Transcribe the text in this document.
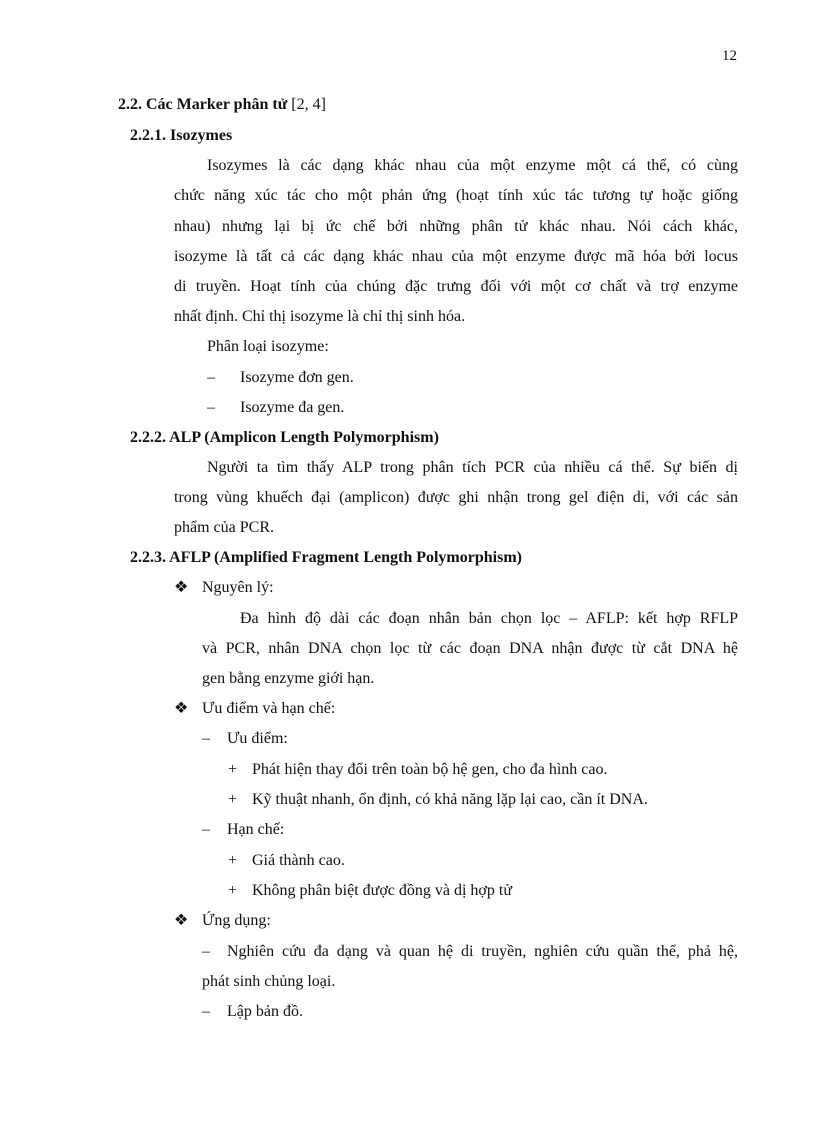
12
2.2. Các Marker phân tử [2, 4]
2.2.1. Isozymes
Isozymes là các dạng khác nhau của một enzyme một cá thể, có cùng
chức năng xúc tác cho một phản ứng (hoạt tính xúc tác tương tự hoặc giống
nhau) nhưng lại bị ức chế bởi những phân tử khác nhau. Nói cách khác,
isozyme là tất cả các dạng khác nhau của một enzyme được mã hóa bởi locus
di truyền. Hoạt tính của chúng đặc trưng đối với một cơ chất và trợ enzyme
nhất định. Chỉ thị isozyme là chỉ thị sinh hóa.
Phân loại isozyme:
– Isozyme đơn gen.
– Isozyme đa gen.
2.2.2. ALP (Amplicon Length Polymorphism)
Người ta tìm thấy ALP trong phân tích PCR của nhiều cá thể. Sự biến dị
trong vùng khuếch đại (amplicon) được ghi nhận trong gel điện di, với các sản
phẩm của PCR.
2.2.3. AFLP (Amplified Fragment Length Polymorphism)
❖ Nguyên lý:
Đa hình độ dài các đoạn nhân bản chọn lọc – AFLP: kết hợp RFLP
và PCR, nhân DNA chọn lọc từ các đoạn DNA nhận được từ cắt DNA hệ
gen bằng enzyme giới hạn.
❖ Ưu điểm và hạn chế:
– Ưu điểm:
+ Phát hiện thay đổi trên toàn bộ hệ gen, cho đa hình cao.
+ Kỹ thuật nhanh, ổn định, có khả năng lặp lại cao, cần ít DNA.
– Hạn chế:
+ Giá thành cao.
+ Không phân biệt được đồng và dị hợp tử
❖ Ứng dụng:
– Nghiên cứu đa dạng và quan hệ di truyền, nghiên cứu quần thể, phả hệ,
phát sinh chủng loại.
– Lập bản đồ.
